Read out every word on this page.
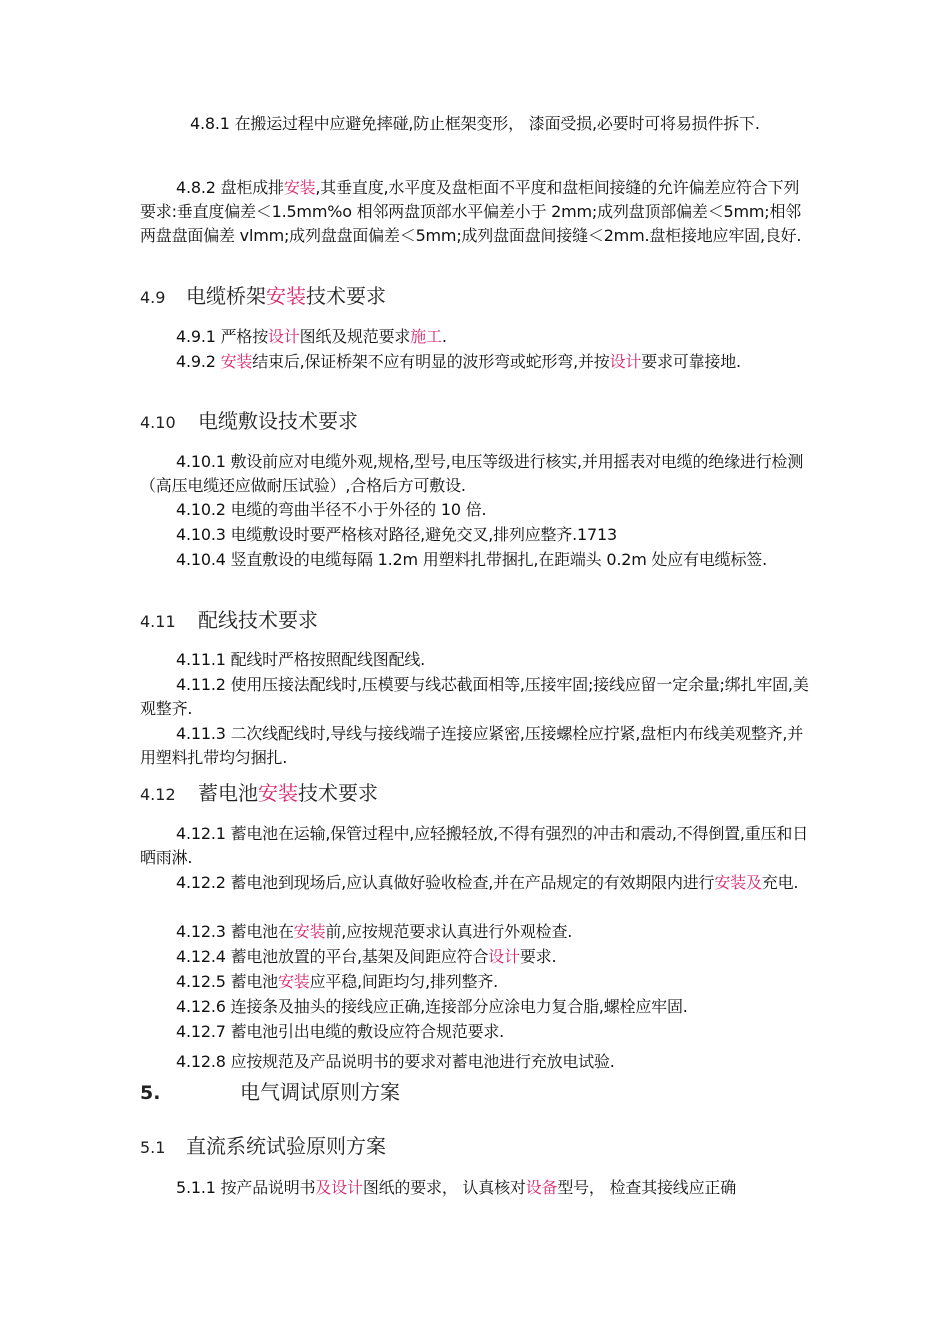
4.8.1 在搬运过程中应避免摔碰,防止框架变形， 漆面受损,必要时可将易损件拆下.
4.8.2 盘柜成排安装,其垂直度,水平度及盘柜面不平度和盘柜间接缝的允许偏差应符合下列要求:垂直度偏差＜1.5mm%o 相邻两盘顶部水平偏差小于 2mm;成列盘顶部偏差＜5mm;相邻两盘盘面偏差 vlmm;成列盘盘面偏差＜5mm;成列盘面盘间接缝＜2mm.盘柜接地应牢固,良好.
4.9 电缆桥架安装技术要求
4.9.1 严格按设计图纸及规范要求施工.
4.9.2 安装结束后,保证桥架不应有明显的波形弯或蛇形弯,并按设计要求可靠接地.
4.10 电缆敷设技术要求
4.10.1 敷设前应对电缆外观,规格,型号,电压等级进行核实,并用摇表对电缆的绝缘进行检测（高压电缆还应做耐压试验）,合格后方可敷设.
4.10.2 电缆的弯曲半径不小于外径的 10 倍.
4.10.3 电缆敷设时要严格核对路径,避免交叉,排列应整齐.1713
4.10.4 竖直敷设的电缆每隔 1.2m 用塑料扎带捆扎,在距端头 0.2m 处应有电缆标签.
4.11 配线技术要求
4.11.1 配线时严格按照配线图配线.
4.11.2 使用压接法配线时,压模要与线芯截面相等,压接牢固;接线应留一定余量;绑扎牢固,美观整齐.
4.11.3 二次线配线时,导线与接线端子连接应紧密,压接螺栓应拧紧,盘柜内布线美观整齐,并用塑料扎带均匀捆扎.
4.12 蓄电池安装技术要求
4.12.1 蓄电池在运输,保管过程中,应轻搬轻放,不得有强烈的冲击和震动,不得倒置,重压和日晒雨淋.
4.12.2 蓄电池到现场后,应认真做好验收检查,并在产品规定的有效期限内进行安装及充电.
4.12.3 蓄电池在安装前,应按规范要求认真进行外观检查.
4.12.4 蓄电池放置的平台,基架及间距应符合设计要求.
4.12.5 蓄电池安装应平稳,间距均匀,排列整齐.
4.12.6 连接条及抽头的接线应正确,连接部分应涂电力复合脂,螺栓应牢固.
4.12.7 蓄电池引出电缆的敷设应符合规范要求.
4.12.8 应按规范及产品说明书的要求对蓄电池进行充放电试验.
5.	电气调试原则方案
5.1 直流系统试验原则方案
5.1.1 按产品说明书及设计图纸的要求， 认真核对设备型号， 检查其接线应正确
